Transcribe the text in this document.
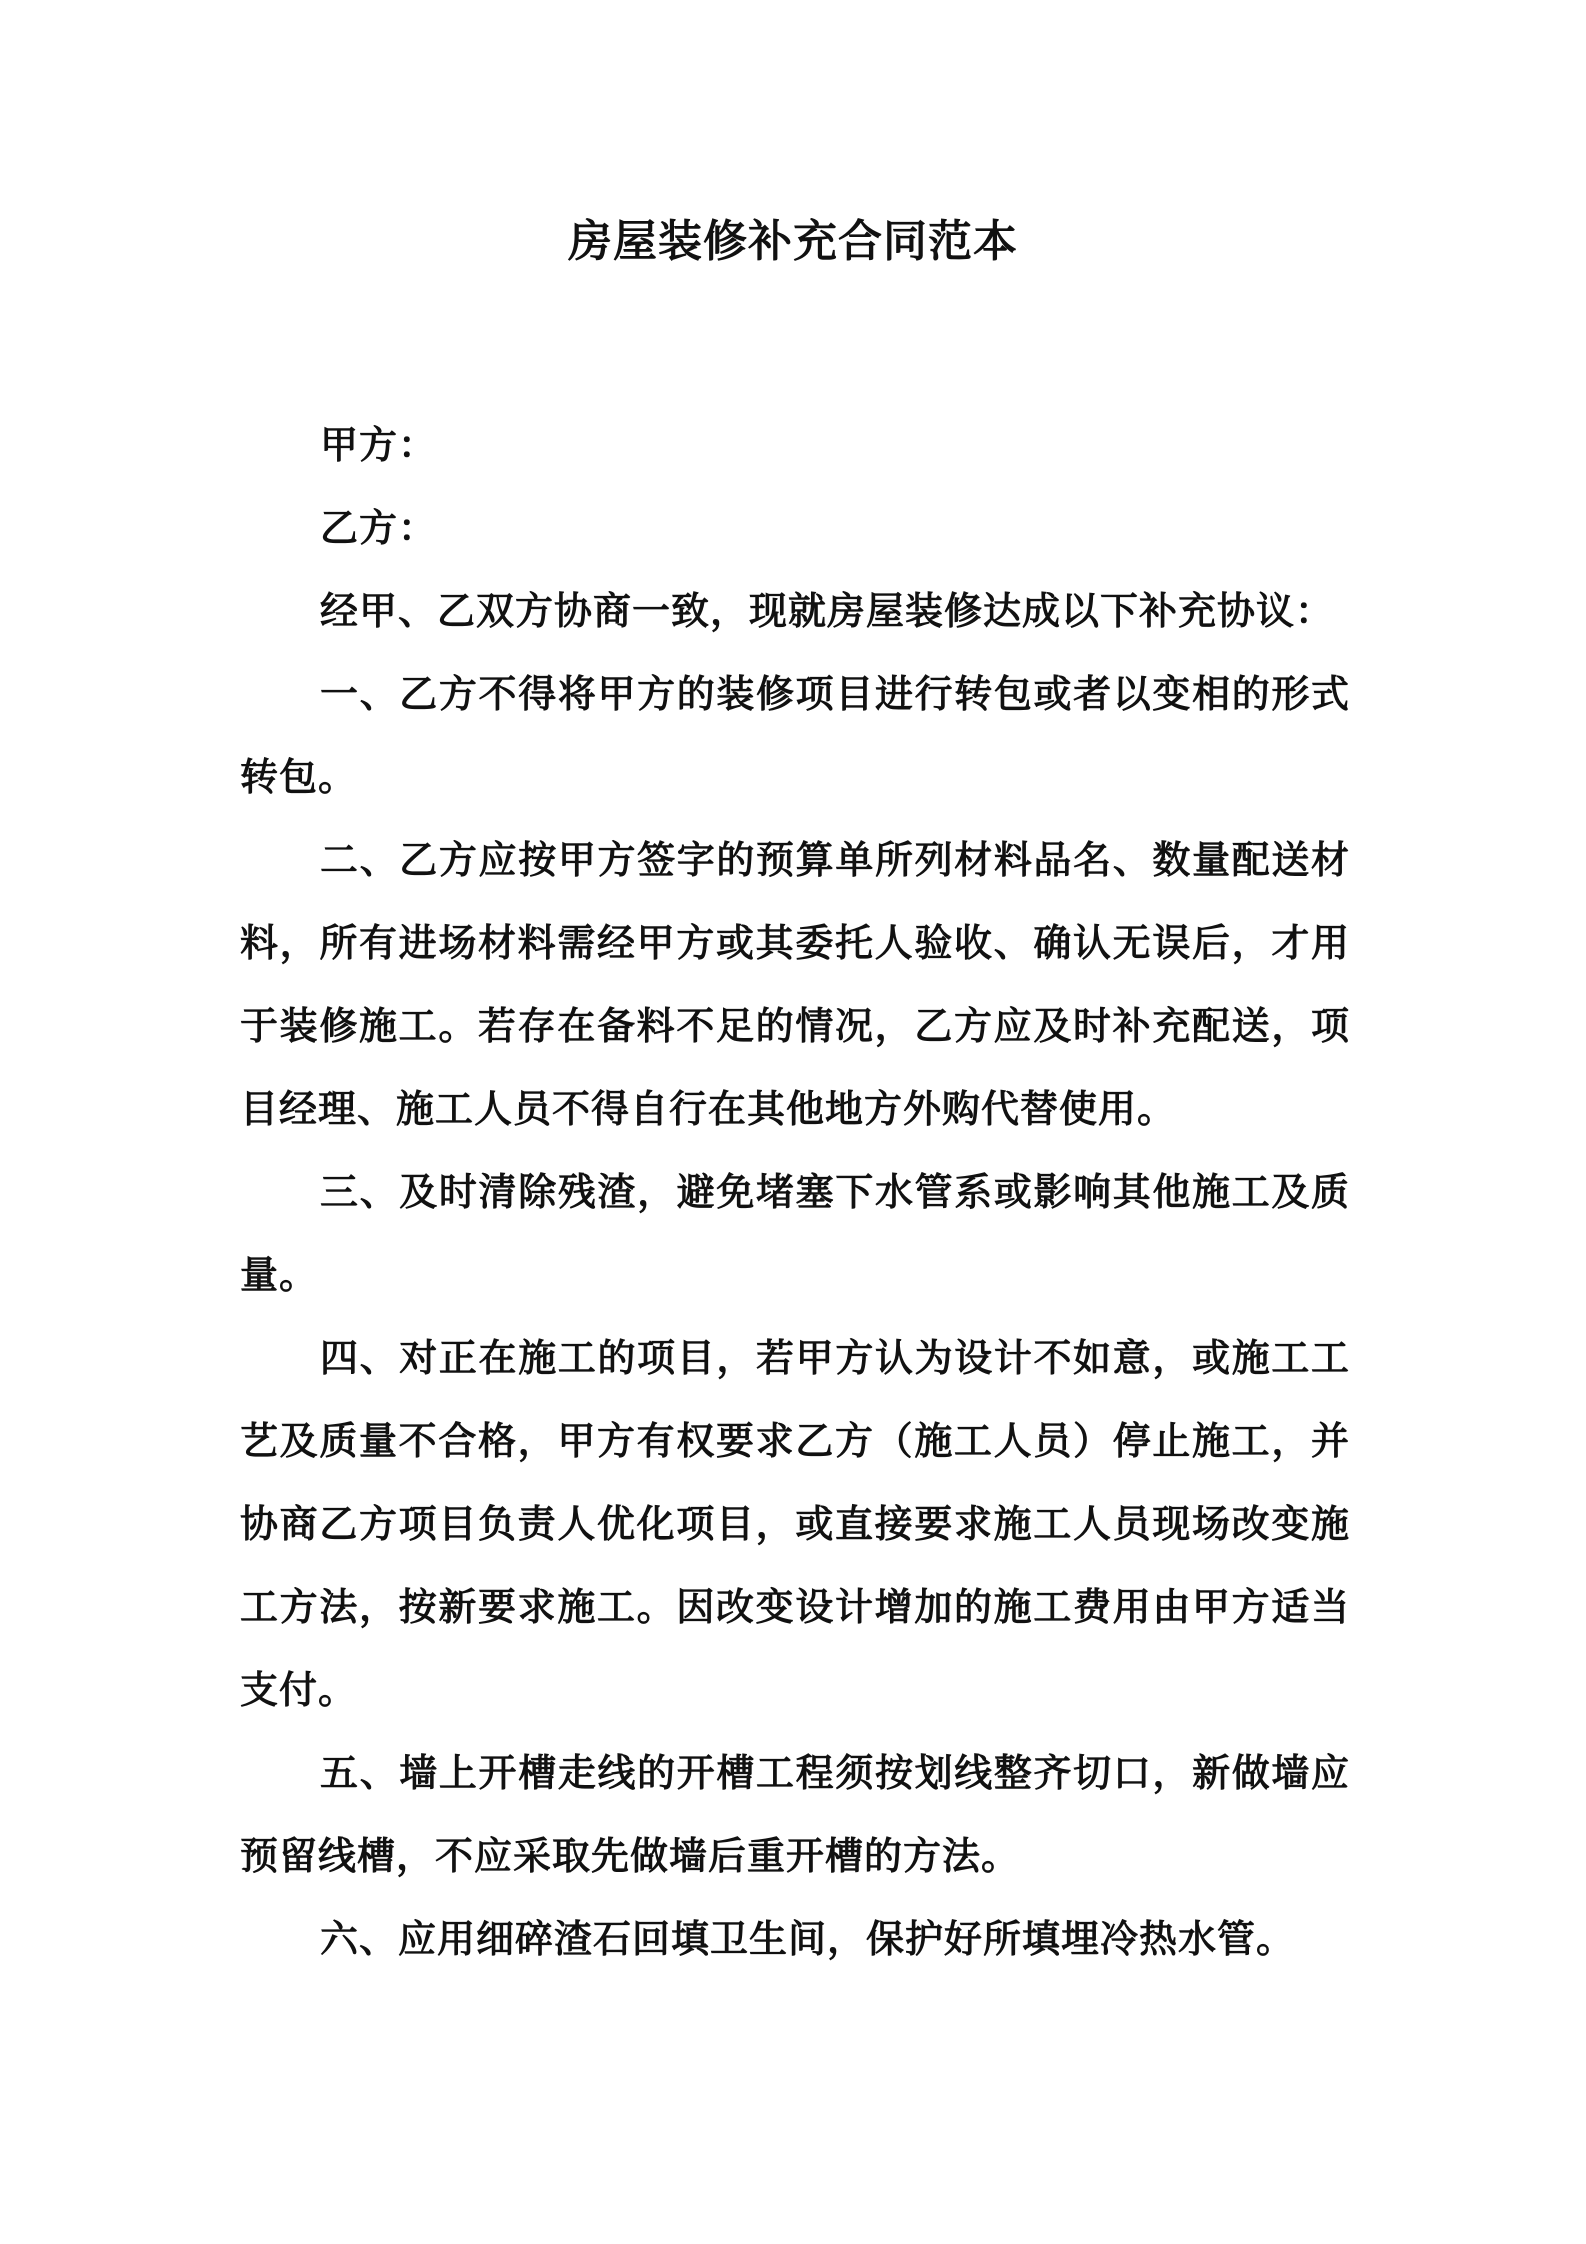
房屋装修补充合同范本

甲方：

乙方：

经甲、乙双方协商一致，现就房屋装修达成以下补充协议：

一、乙方不得将甲方的装修项目进行转包或者以变相的形式转包。

二、乙方应按甲方签字的预算单所列材料品名、数量配送材料，所有进场材料需经甲方或其委托人验收、确认无误后，才用于装修施工。若存在备料不足的情况，乙方应及时补充配送，项目经理、施工人员不得自行在其他地方外购代替使用。

三、及时清除残渣，避免堵塞下水管系或影响其他施工及质量。

四、对正在施工的项目，若甲方认为设计不如意，或施工工艺及质量不合格，甲方有权要求乙方（施工人员）停止施工，并协商乙方项目负责人优化项目，或直接要求施工人员现场改变施工方法，按新要求施工。因改变设计增加的施工费用由甲方适当支付。

五、墙上开槽走线的开槽工程须按划线整齐切口，新做墙应预留线槽，不应采取先做墙后重开槽的方法。

六、应用细碎渣石回填卫生间，保护好所填埋冷热水管。
